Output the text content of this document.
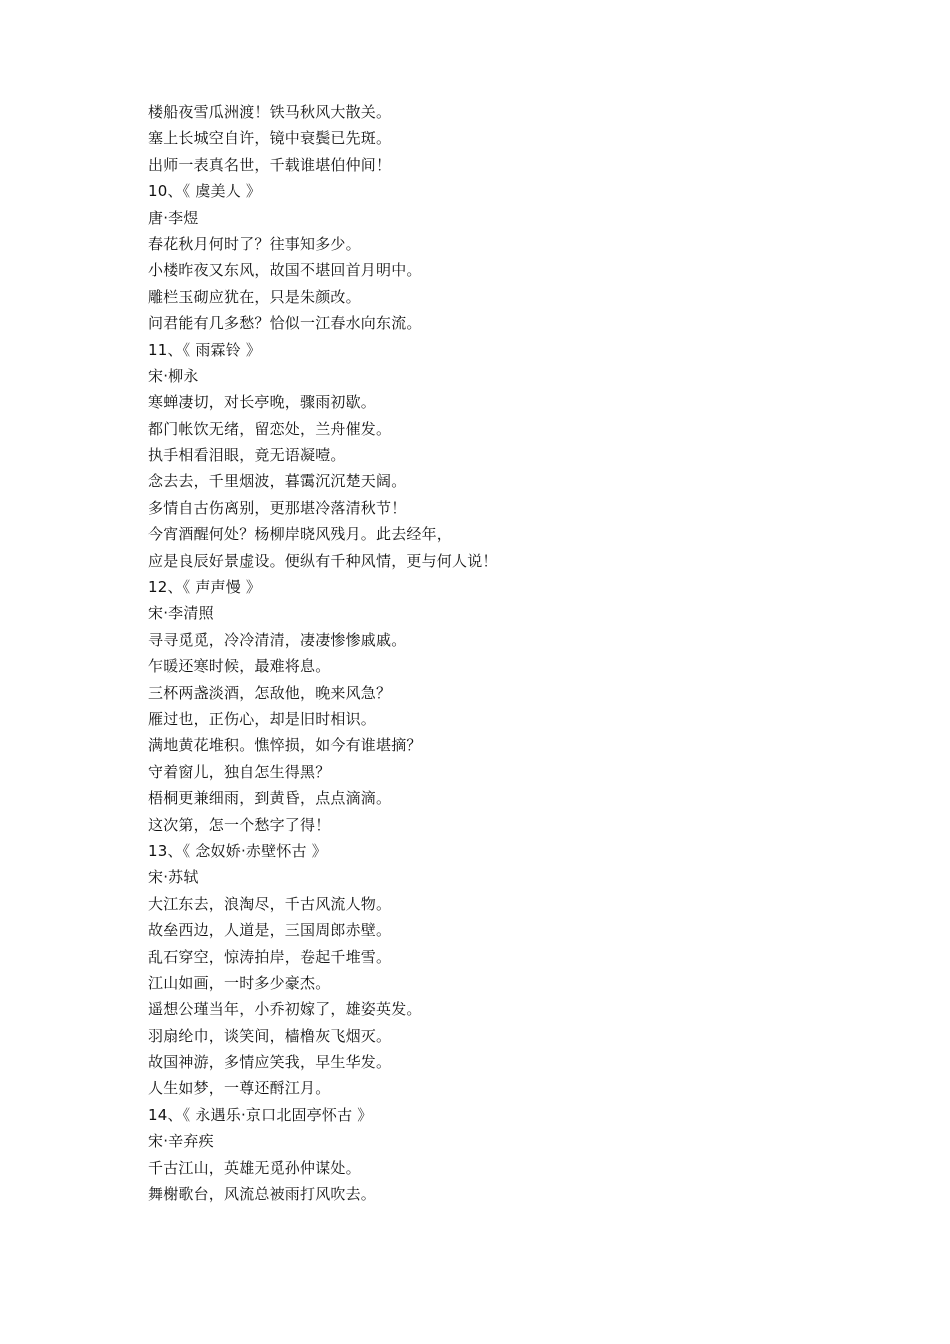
楼船夜雪瓜洲渡！铁马秋风大散关。
塞上长城空自许，镜中衰鬓已先斑。
出师一表真名世，千载谁堪伯仲间！
10、《 虞美人 》
唐·李煜
春花秋月何时了？往事知多少。
小楼昨夜又东风，故国不堪回首月明中。
雕栏玉砌应犹在，只是朱颜改。
问君能有几多愁？恰似一江春水向东流。
11、《 雨霖铃 》
宋·柳永
寒蝉凄切，对长亭晚，骤雨初歇。
都门帐饮无绪，留恋处，兰舟催发。
执手相看泪眼，竟无语凝噎。
念去去，千里烟波，暮霭沉沉楚天阔。
多情自古伤离别，更那堪冷落清秋节！
今宵酒醒何处？杨柳岸晓风残月。此去经年，
应是良辰好景虚设。便纵有千种风情，更与何人说！
12、《 声声慢 》
宋·李清照
寻寻觅觅，冷冷清清，凄凄惨惨戚戚。
乍暖还寒时候，最难将息。
三杯两盏淡酒，怎敌他，晚来风急？
雁过也，正伤心，却是旧时相识。
满地黄花堆积。憔悴损，如今有谁堪摘？
守着窗儿，独自怎生得黑？
梧桐更兼细雨，到黄昏，点点滴滴。
这次第，怎一个愁字了得！
13、《 念奴娇·赤壁怀古 》
宋·苏轼
大江东去，浪淘尽，千古风流人物。
故垒西边，人道是，三国周郎赤壁。
乱石穿空，惊涛拍岸，卷起千堆雪。
江山如画，一时多少豪杰。
遥想公瑾当年，小乔初嫁了，雄姿英发。
羽扇纶巾，谈笑间，樯橹灰飞烟灭。
故国神游，多情应笑我，早生华发。
人生如梦，一尊还酹江月。
14、《 永遇乐·京口北固亭怀古 》
宋·辛弃疾
千古江山，英雄无觅孙仲谋处。
舞榭歌台，风流总被雨打风吹去。
